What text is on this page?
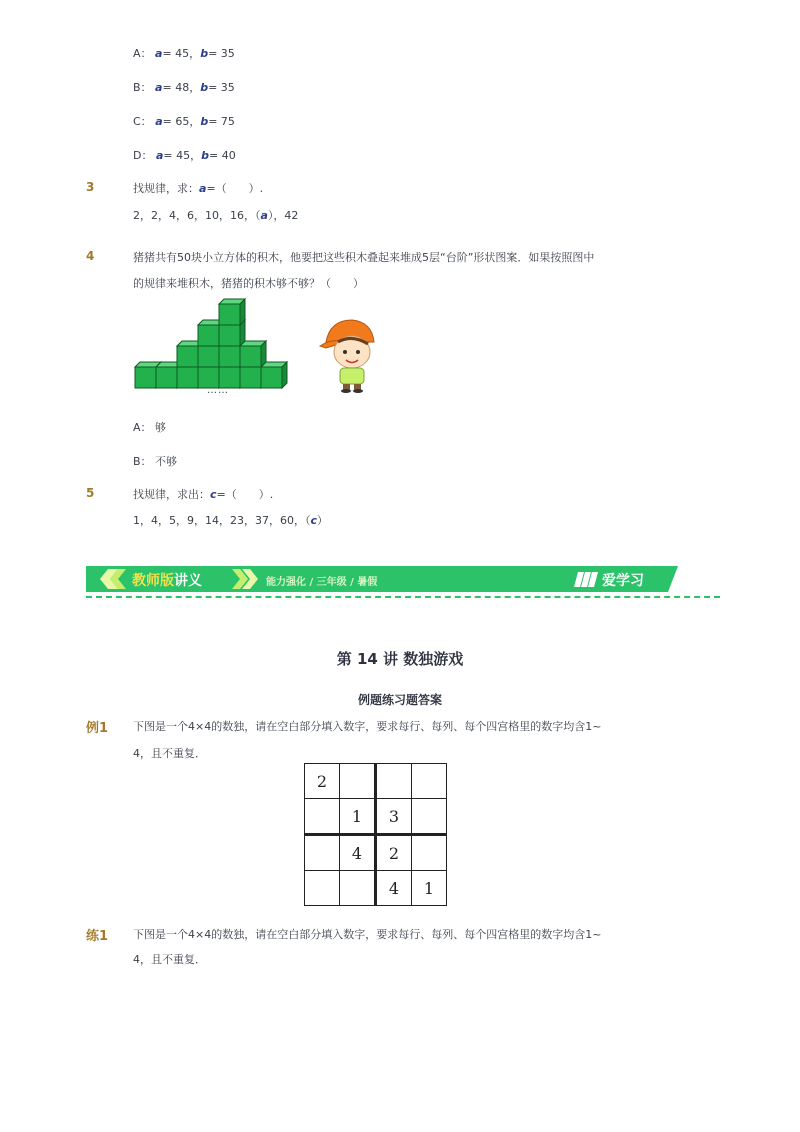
A： a= 45，b= 35
B： a= 48，b= 35
C： a= 65，b= 75
D： a= 45，b= 40
3	找规律，求：a=（　　）.
2，2，4，6，10，16，（a），42
4	猪猪共有50块小立方体的积木，他要把这些积木叠起来堆成5层“台阶”形状图案．如果按照图中
的规律来堆积木，猪猪的积木够不够？（　　）
……
A： 够
B： 不够
5	找规律，求出：c=（　　）.
1，4，5，9，14，23，37，60，（c）
教师版讲义	能力强化 / 三年级 / 暑假	爱学习
第 14 讲 数独游戏
例题练习题答案
例1 下图是一个4×4的数独，请在空白部分填入数字，要求每行、每列、每个四宫格里的数字均含1~
4，且不重复．
2			
	1	3	
	4	2	
		4	1
练1 下图是一个4×4的数独，请在空白部分填入数字，要求每行、每列、每个四宫格里的数字均含1~
4，且不重复．
